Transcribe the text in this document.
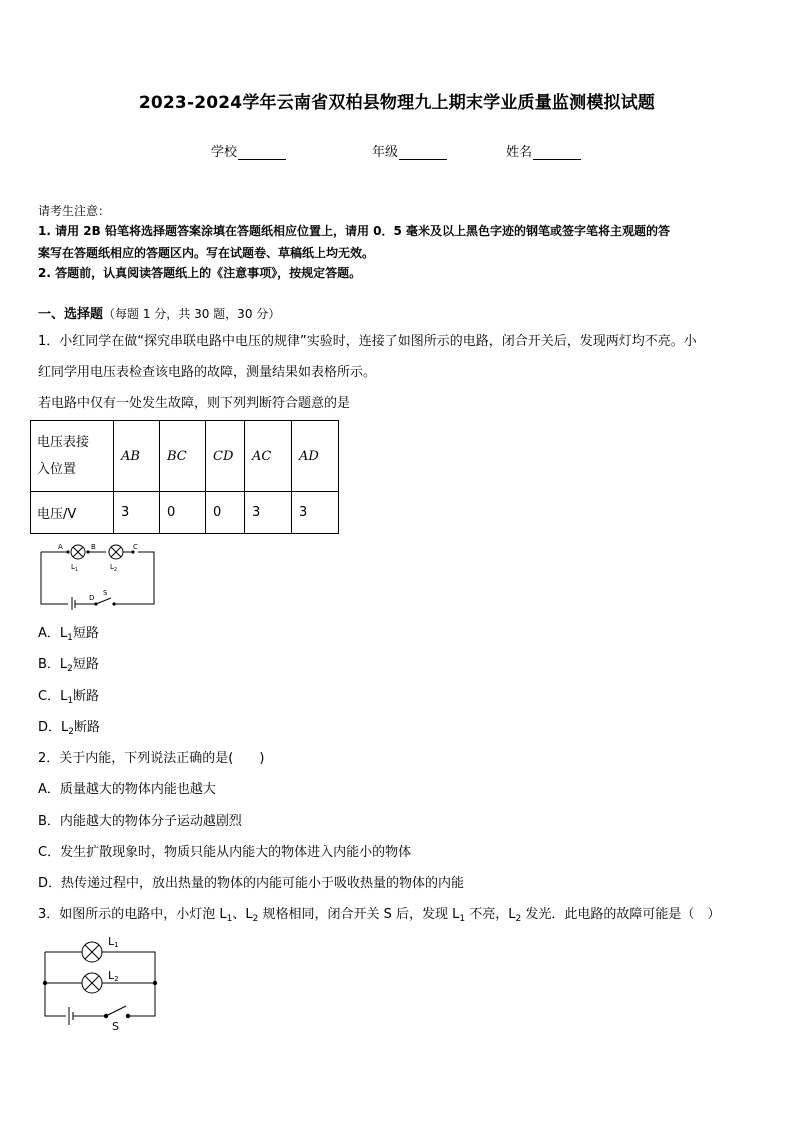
2023-2024学年云南省双柏县物理九上期末学业质量监测模拟试题
学校	年级	姓名
请考生注意：
1. 请用 2B 铅笔将选择题答案涂填在答题纸相应位置上，请用 0．5 毫米及以上黑色字迹的钢笔或签字笔将主观题的答
案写在答题纸相应的答题区内。写在试题卷、草稿纸上均无效。
2. 答题前，认真阅读答题纸上的《注意事项》，按规定答题。
一、选择题（每题 1 分，共 30 题，30 分）
1．小红同学在做“探究串联电路中电压的规律”实验时，连接了如图所示的电路，闭合开关后，发现两灯均不亮。小
红同学用电压表检查该电路的故障，测量结果如表格所示。
若电路中仅有一处发生故障，则下列判断符合题意的是
电压表接
入位置	AB	BC	CD	AC	AD
电压/V	3	0	0	3	3
A	B	C
D
S
$L_1$	$L_2$
A．$L_1$短路
B．$L_2$短路
C．$L_1$断路
D．$L_2$断路
2．关于内能，下列说法正确的是(　　)
A．质量越大的物体内能也越大
B．内能越大的物体分子运动越剧烈
C．发生扩散现象时，物质只能从内能大的物体进入内能小的物体
D．热传递过程中，放出热量的物体的内能可能小于吸收热量的物体的内能
3．如图所示的电路中，小灯泡 $L_1$、$L_2$ 规格相同，闭合开关 S 后，发现 $L_1$ 不亮，$L_2$ 发光．此电路的故障可能是（　）
L1
L2
S
